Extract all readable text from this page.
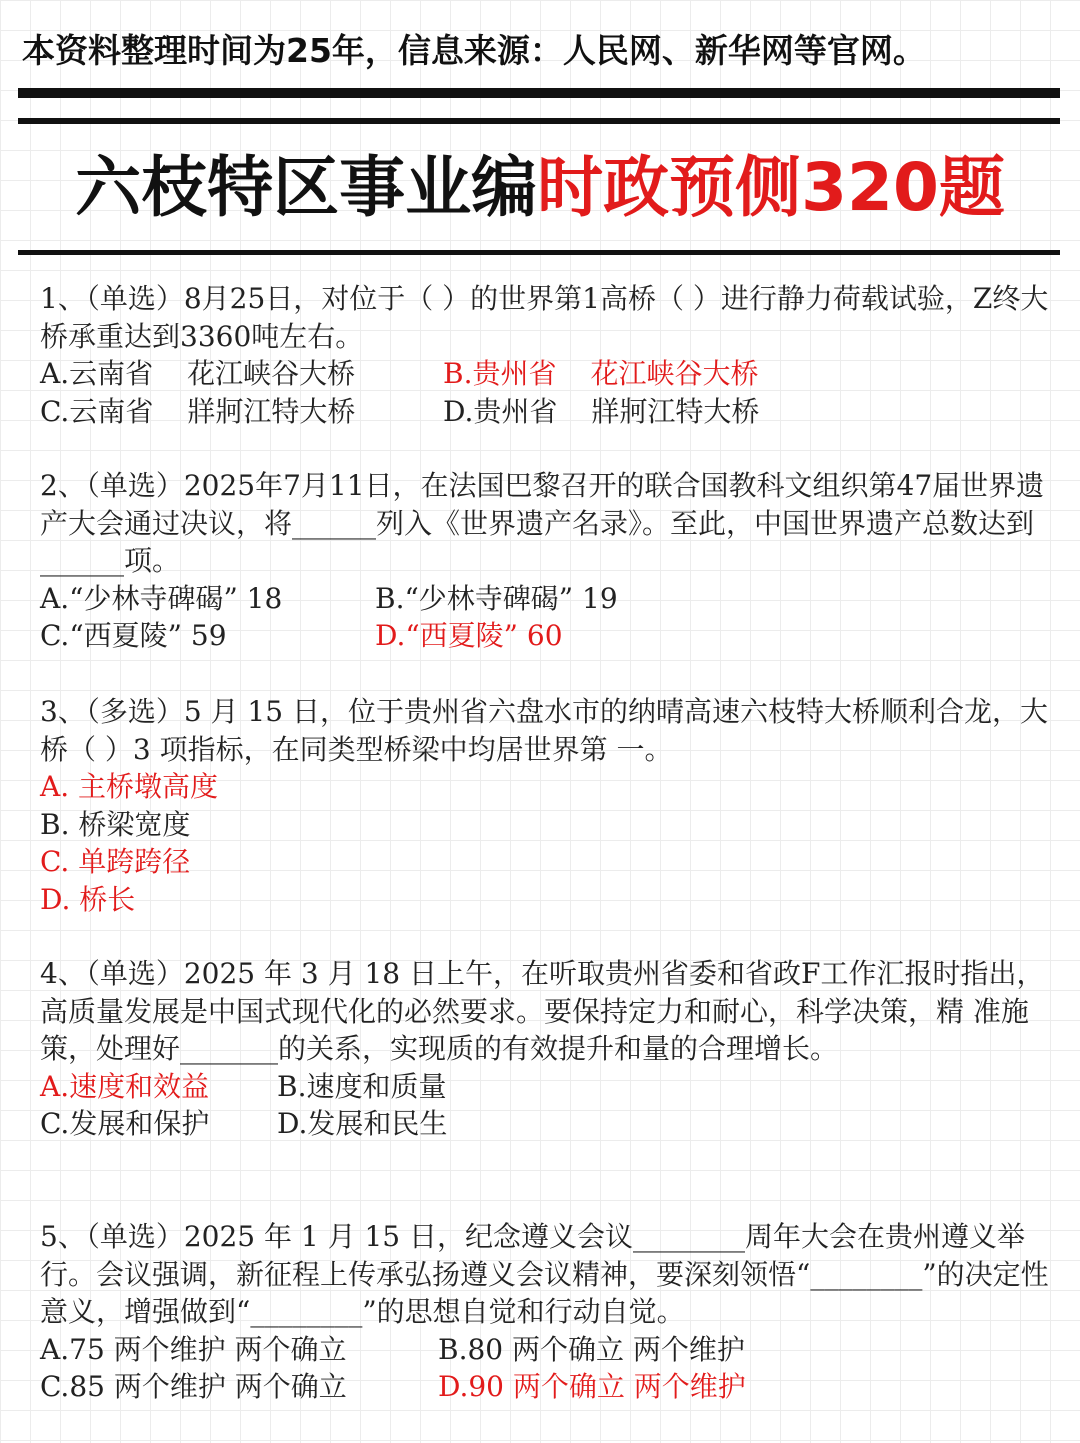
本资料整理时间为25年，信息来源：人民网、新华网等官网。
六枝特区事业编时政预侧320题

1、（单选）8月25日，对位于（ ）的世界第1高桥（ ）进行静力荷载试验，Z终大桥承重达到3360吨左右。

A.云南省 花江峡谷大桥	B.贵州省 花江峡谷大桥
C.云南省 牂牁江特大桥	D.贵州省 牂牁江特大桥

2、（单选）2025年7月11日，在法国巴黎召开的联合国教科文组织第47届世界遗产大会通过决议，将______列入《世界遗产名录》。至此，中国世界遗产总数达到______项。

A.“少林寺碑碣” 18	B.“少林寺碑碣” 19
C.“西夏陵” 59	D.“西夏陵” 60

3、（多选）5 月 15 日，位于贵州省六盘水市的纳晴高速六枝特大桥顺利合龙，大桥（ ）3 项指标，在同类型桥梁中均居世界第 一。

A.
主桥墩高度
B.
桥梁宽度
C.
单跨跨径
D.
桥长

4、（单选）2025 年 3 月 18 日上午，在听取贵州省委和省政F工作汇报时指出，高质量发展是中国式现代化的必然要求。要保持定力和耐心，科学决策，精 准施策，处理好_______的关系，实现质的有效提升和量的合理增长。

A.速度和效益	B.速度和质量
C.发展和保护	D.发展和民生

5、（单选）2025 年 1 月 15 日，纪念遵义会议________周年大会在贵州遵义举行。会议强调，新征程上传承弘扬遵义会议精神，要深刻领悟“________”的决定性意义，增强做到“________”的思想自觉和行动自觉。

A.75 两个维护 两个确立	B.80 两个确立 两个维护
C.85 两个维护 两个确立	D.90 两个确立 两个维护
